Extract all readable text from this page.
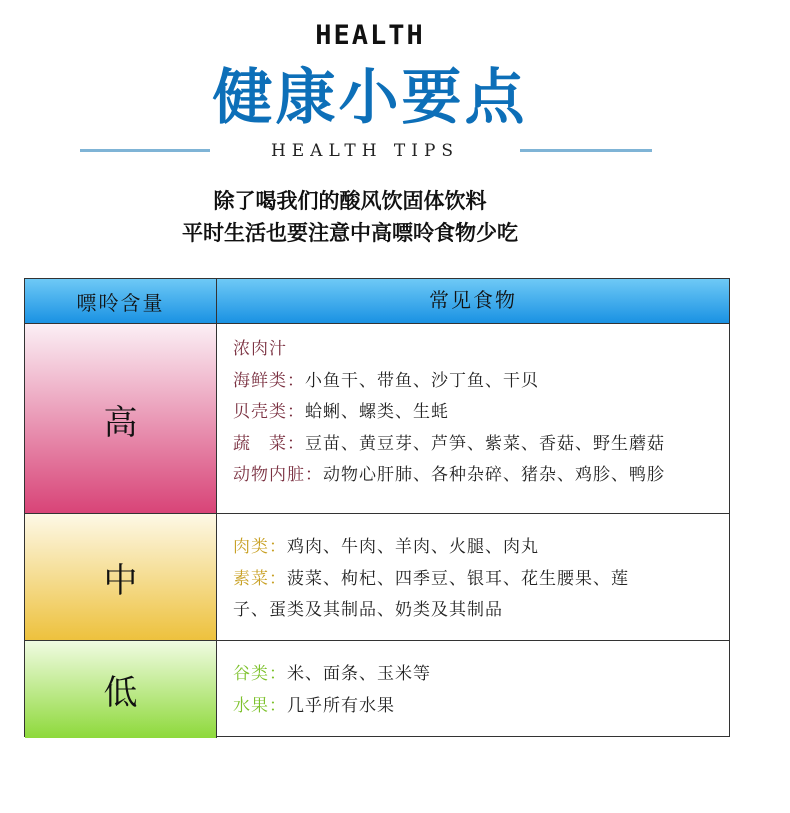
HEALTH
健康小要点
HEALTH TIPS
除了喝我们的酸风饮固体饮料
平时生活也要注意中高嘌呤食物少吃
嘌呤含量	常见食物
高
浓肉汁
海鲜类：小鱼干、带鱼、沙丁鱼、干贝
贝壳类：蛤蜊、螺类、生蚝
蔬　菜：豆苗、黄豆芽、芦笋、紫菜、香菇、野生蘑菇
动物内脏：动物心肝肺、各种杂碎、猪杂、鸡胗、鸭胗
中
肉类：鸡肉、牛肉、羊肉、火腿、肉丸
素菜：菠菜、枸杞、四季豆、银耳、花生腰果、莲
子、蛋类及其制品、奶类及其制品
低	谷类：米、面条、玉米等
水果：几乎所有水果
